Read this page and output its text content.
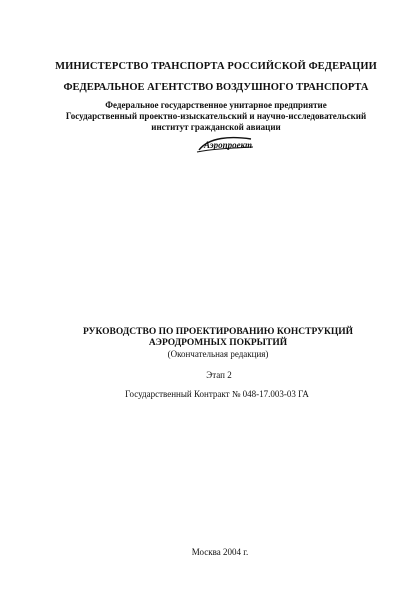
МИНИСТЕРСТВО ТРАНСПОРТА РОССИЙСКОЙ ФЕДЕРАЦИИ
ФЕДЕРАЛЬНОЕ АГЕНТСТВО ВОЗДУШНОГО ТРАНСПОРТА
Федеральное государственное унитарное предприятие
Государственный проектно-изыскательский и научно-исследовательский
институт гражданской авиации
Аэропроект
РУКОВОДСТВО ПО ПРОЕКТИРОВАНИЮ КОНСТРУКЦИЙ
АЭРОДРОМНЫХ ПОКРЫТИЙ
(Окончательная редакция)
Этап 2
Государственный Контракт № 048-17.003-03 ГА
Москва 2004 г.
